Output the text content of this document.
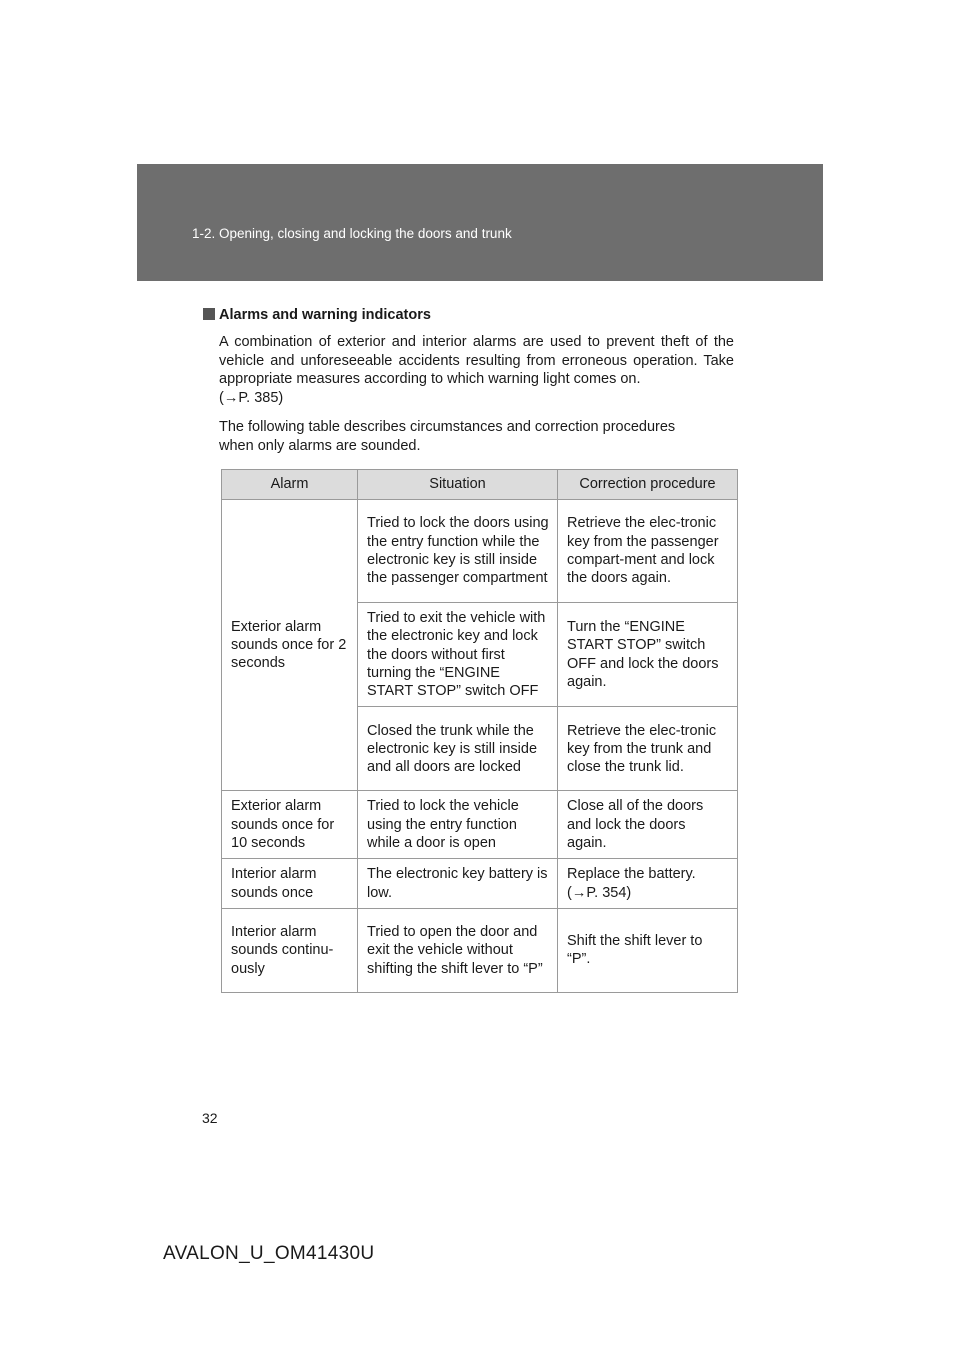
1-2. Opening, closing and locking the doors and trunk
Alarms and warning indicators
A combination of exterior and interior alarms are used to prevent theft of the vehicle and unforeseeable accidents resulting from erroneous operation. Take appropriate measures according to which warning light comes on.
(→P. 385)
The following table describes circumstances and correction procedures
when only alarms are sounded.
Alarm	Situation	Correction procedure
Exterior alarm sounds once for 2 seconds	Tried to lock the doors using the entry function while the electronic key is still inside the passenger compartment	Retrieve the elec-tronic key from the passenger compart-ment and lock the doors again.
	Tried to exit the vehicle with the electronic key and lock the doors without first turning the “ENGINE START STOP” switch OFF	Turn the “ENGINE START STOP” switch OFF and lock the doors again.
	Closed the trunk while the electronic key is still inside and all doors are locked	Retrieve the elec-tronic key from the trunk and close the trunk lid.
Exterior alarm sounds once for 10 seconds	Tried to lock the vehicle using the entry function while a door is open	Close all of the doors and lock the doors again.
Interior alarm sounds once	The electronic key battery is low.	Replace the battery. (→P. 354)
Interior alarm sounds continu-ously	Tried to open the door and exit the vehicle without shifting the shift lever to “P”	Shift the shift lever to “P”.
32
AVALON_U_OM41430U
